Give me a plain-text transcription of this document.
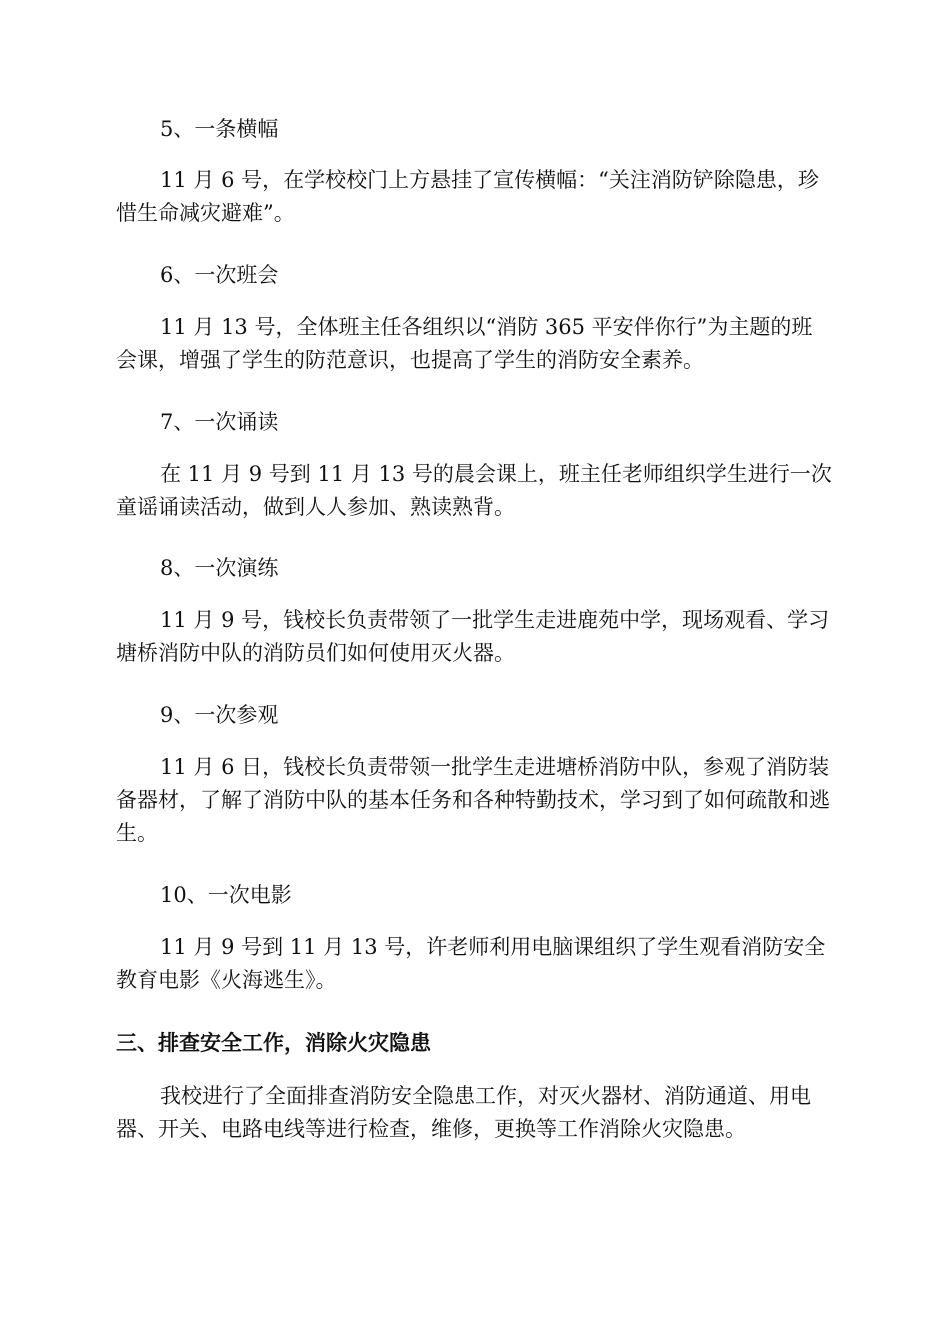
5、一条横幅

11 月 6 号，在学校校门上方悬挂了宣传横幅：“关注消防铲除隐患，珍惜生命减灾避难”。

6、一次班会

11 月 13 号，全体班主任各组织以“消防 365 平安伴你行”为主题的班会课，增强了学生的防范意识，也提高了学生的消防安全素养。

7、一次诵读

在 11 月 9 号到 11 月 13 号的晨会课上，班主任老师组织学生进行一次童谣诵读活动，做到人人参加、熟读熟背。

8、一次演练

11 月 9 号，钱校长负责带领了一批学生走进鹿苑中学，现场观看、学习塘桥消防中队的消防员们如何使用灭火器。

9、一次参观

11 月 6 日，钱校长负责带领一批学生走进塘桥消防中队，参观了消防装备器材，了解了消防中队的基本任务和各种特勤技术，学习到了如何疏散和逃生。

10、一次电影

11 月 9 号到 11 月 13 号，许老师利用电脑课组织了学生观看消防安全教育电影《火海逃生》。

三、排查安全工作，消除火灾隐患

我校进行了全面排查消防安全隐患工作，对灭火器材、消防通道、用电器、开关、电路电线等进行检查，维修，更换等工作消除火灾隐患。
